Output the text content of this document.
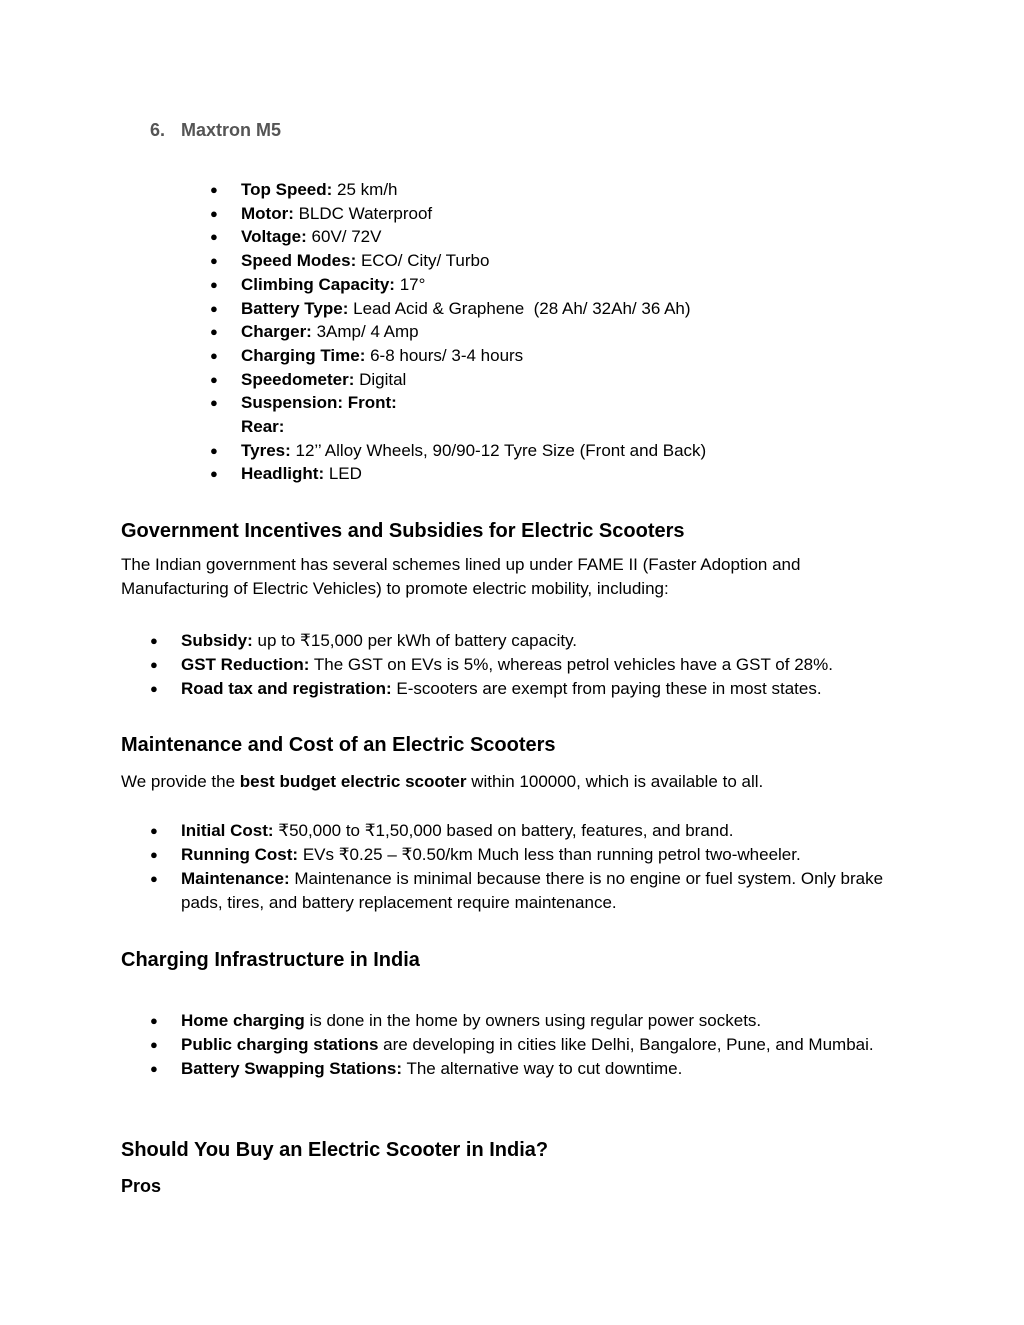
6. Maxtron M5
● Top Speed: 25 km/h
● Motor: BLDC Waterproof
● Voltage: 60V/ 72V
● Speed Modes: ECO/ City/ Turbo
● Climbing Capacity: 17°
● Battery Type: Lead Acid & Graphene  (28 Ah/ 32Ah/ 36 Ah)
● Charger: 3Amp/ 4 Amp
● Charging Time: 6-8 hours/ 3-4 hours
● Speedometer: Digital
● Suspension: Front:
Rear:
● Tyres: 12’’ Alloy Wheels, 90/90-12 Tyre Size (Front and Back)
● Headlight: LED
Government Incentives and Subsidies for Electric Scooters
The Indian government has several schemes lined up under FAME II (Faster Adoption and Manufacturing of Electric Vehicles) to promote electric mobility, including:
● Subsidy: up to ₹15,000 per kWh of battery capacity.
● GST Reduction: The GST on EVs is 5%, whereas petrol vehicles have a GST of 28%.
● Road tax and registration: E-scooters are exempt from paying these in most states.
Maintenance and Cost of an Electric Scooters
We provide the best budget electric scooter within 100000, which is available to all.
● Initial Cost: ₹50,000 to ₹1,50,000 based on battery, features, and brand.
● Running Cost: EVs ₹0.25 – ₹0.50/km Much less than running petrol two-wheeler.
● Maintenance: Maintenance is minimal because there is no engine or fuel system. Only brake pads, tires, and battery replacement require maintenance.
Charging Infrastructure in India
● Home charging is done in the home by owners using regular power sockets.
● Public charging stations are developing in cities like Delhi, Bangalore, Pune, and Mumbai.
● Battery Swapping Stations: The alternative way to cut downtime.
Should You Buy an Electric Scooter in India?
Pros
